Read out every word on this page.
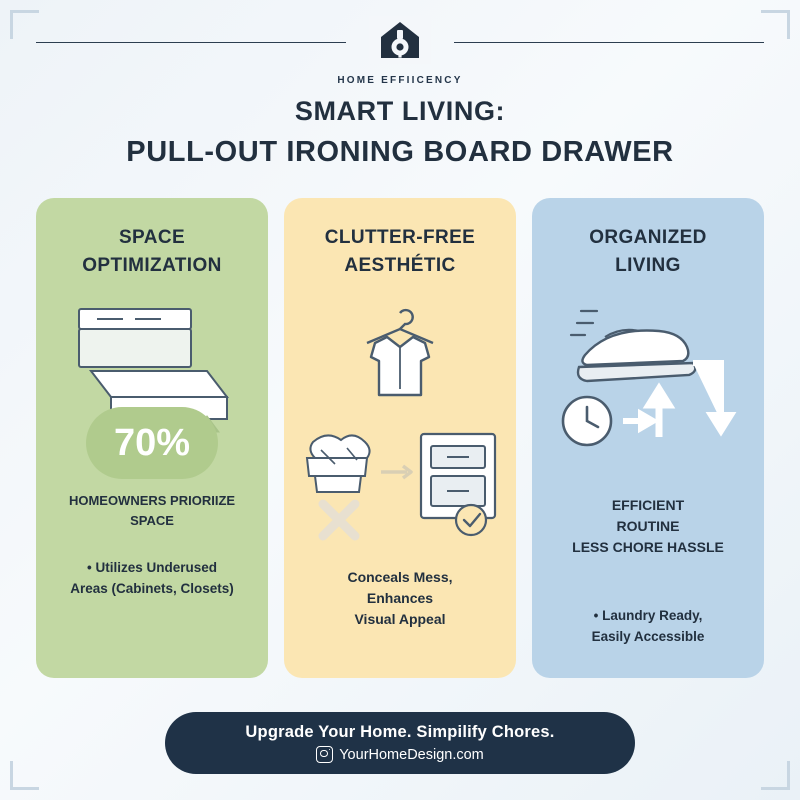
HOME EFFIICENCY
SMART LIVING:
PULL-OUT IRONING BOARD DRAWER
SPACE
OPTIMIZATION
70%
HOMEOWNERS PRIORIIZE
SPACE
• Utilizes Underused
Areas (Cabinets, Closets)
CLUTTER-FREE
AESTHÉTIC

Conceals Mess,
Enhances
Visual Appeal
ORGANIZED
LIVING
EFFICIENT
ROUTINE
LESS CHORE HASSLE
• Laundry Ready,
Easily Accessible
Upgrade Your Home. Simpilify Chores.
YourHomeDesign.com
